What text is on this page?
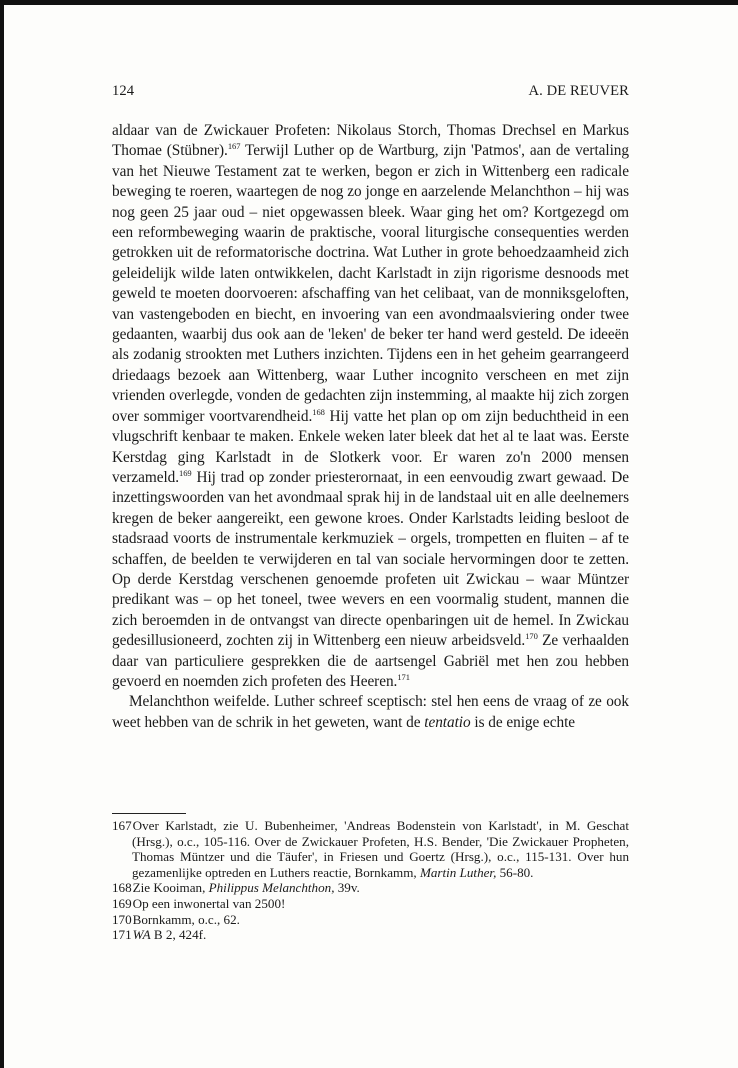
124	A. DE REUVER

aldaar van de Zwickauer Profeten: Nikolaus Storch, Thomas Drechsel en Markus Thomae (Stübner).$^{167}$ Terwijl Luther op de Wartburg, zijn 'Patmos', aan de vertaling van het Nieuwe Testament zat te werken, begon er zich in Wittenberg een radicale beweging te roeren, waartegen de nog zo jonge en aarzelende Melanchthon – hij was nog geen 25 jaar oud – niet opgewassen bleek. Waar ging het om? Kortgezegd om een reformbeweging waarin de praktische, vooral liturgische consequenties werden getrokken uit de reformatorische doctrina. Wat Luther in grote behoedzaamheid zich geleidelijk wilde laten ontwikkelen, dacht Karlstadt in zijn rigorisme desnoods met geweld te moeten doorvoeren: afschaffing van het celibaat, van de monniksgeloften, van vastengeboden en biecht, en invoering van een avondmaalsviering onder twee gedaanten, waarbij dus ook aan de 'leken' de beker ter hand werd gesteld. De ideeën als zodanig strookten met Luthers inzichten. Tijdens een in het geheim gearrangeerd driedaags bezoek aan Wittenberg, waar Luther incognito verscheen en met zijn vrienden overlegde, vonden de gedachten zijn instemming, al maakte hij zich zorgen over sommiger voortvarendheid.$^{168}$ Hij vatte het plan op om zijn beduchtheid in een vlugschrift kenbaar te maken. Enkele weken later bleek dat het al te laat was. Eerste Kerstdag ging Karlstadt in de Slotkerk voor. Er waren zo'n 2000 mensen verzameld.$^{169}$ Hij trad op zonder priesterornaat, in een eenvoudig zwart gewaad. De inzettingswoorden van het avondmaal sprak hij in de landstaal uit en alle deelnemers kregen de beker aangereikt, een gewone kroes. Onder Karlstadts leiding besloot de stadsraad voorts de instrumentale kerkmuziek – orgels, trompetten en fluiten – af te schaffen, de beelden te verwijderen en tal van sociale hervormingen door te zetten. Op derde Kerstdag verschenen genoemde profeten uit Zwickau – waar Müntzer predikant was – op het toneel, twee wevers en een voormalig student, mannen die zich beroemden in de ontvangst van directe openbaringen uit de hemel. In Zwickau gedesillusioneerd, zochten zij in Wittenberg een nieuw arbeidsveld.$^{170}$ Ze verhaalden daar van particuliere gesprekken die de aartsengel Gabriël met hen zou hebben gevoerd en noemden zich profeten des Heeren.$^{171}$

Melanchthon weifelde. Luther schreef sceptisch: stel hen eens de vraag of ze ook weet hebben van de schrik in het geweten, want de tentatio is de enige echte

167Over Karlstadt, zie U. Bubenheimer, 'Andreas Bodenstein von Karlstadt', in M. Geschat (Hrsg.), o.c., 105-116. Over de Zwickauer Profeten, H.S. Bender, 'Die Zwickauer Propheten, Thomas Müntzer und die Täufer', in Friesen und Goertz (Hrsg.), o.c., 115-131. Over hun gezamenlijke optreden en Luthers reactie, Bornkamm, Martin Luther, 56-80.
168Zie Kooiman, Philippus Melanchthon, 39v.
169Op een inwonertal van 2500!
170Bornkamm, o.c., 62.
171WA B 2, 424f.
